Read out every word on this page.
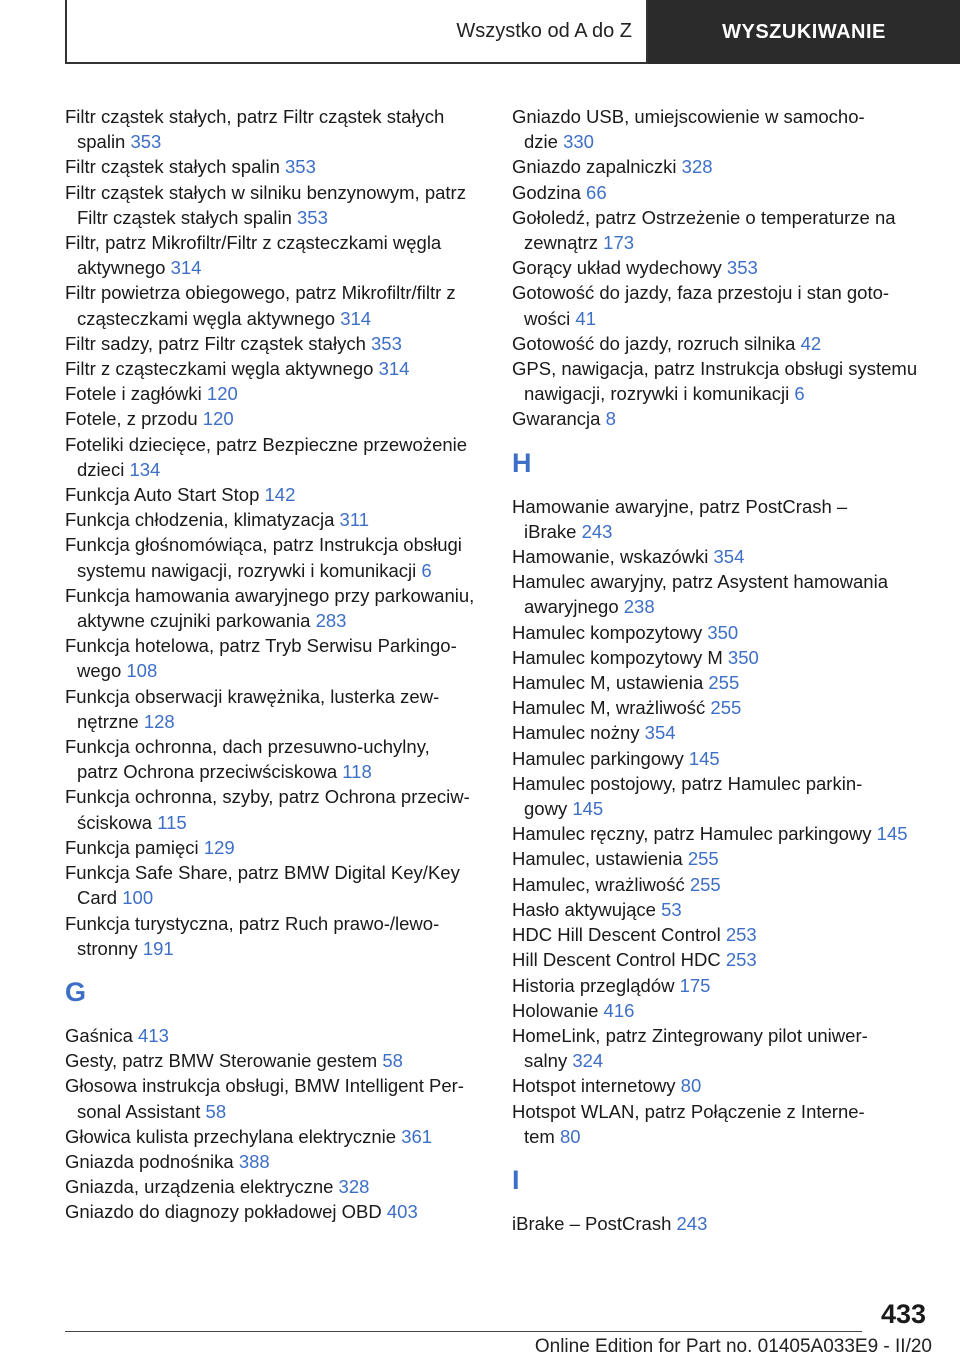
Wszystko od A do Z	WYSZUKIWANIE
Filtr cząstek stałych, patrz Filtr cząstek stałych
spalin 353
Filtr cząstek stałych spalin 353
Filtr cząstek stałych w silniku benzynowym, patrz
Filtr cząstek stałych spalin 353
Filtr, patrz Mikrofiltr/Filtr z cząsteczkami węgla
aktywnego 314
Filtr powietrza obiegowego, patrz Mikrofiltr/filtr z
cząsteczkami węgla aktywnego 314
Filtr sadzy, patrz Filtr cząstek stałych 353
Filtr z cząsteczkami węgla aktywnego 314
Fotele i zagłówki 120
Fotele, z przodu 120
Foteliki dziecięce, patrz Bezpieczne przewożenie
dzieci 134
Funkcja Auto Start Stop 142
Funkcja chłodzenia, klimatyzacja 311
Funkcja głośnomówiąca, patrz Instrukcja obsługi
systemu nawigacji, rozrywki i komunikacji 6
Funkcja hamowania awaryjnego przy parkowaniu,
aktywne czujniki parkowania 283
Funkcja hotelowa, patrz Tryb Serwisu Parkingo-
wego 108
Funkcja obserwacji krawężnika, lusterka zew-
nętrzne 128
Funkcja ochronna, dach przesuwno-uchylny,
patrz Ochrona przeciwściskowa 118
Funkcja ochronna, szyby, patrz Ochrona przeciw-
ściskowa 115
Funkcja pamięci 129
Funkcja Safe Share, patrz BMW Digital Key/Key
Card 100
Funkcja turystyczna, patrz Ruch prawo-/lewo-
stronny 191
G
Gaśnica 413
Gesty, patrz BMW Sterowanie gestem 58
Głosowa instrukcja obsługi, BMW Intelligent Per-
sonal Assistant 58
Głowica kulista przechylana elektrycznie 361
Gniazda podnośnika 388
Gniazda, urządzenia elektryczne 328
Gniazdo do diagnozy pokładowej OBD 403
Gniazdo USB, umiejscowienie w samocho-
dzie 330
Gniazdo zapalniczki 328
Godzina 66
Gołoledź, patrz Ostrzeżenie o temperaturze na
zewnątrz 173
Gorący układ wydechowy 353
Gotowość do jazdy, faza przestoju i stan goto-
wości 41
Gotowość do jazdy, rozruch silnika 42
GPS, nawigacja, patrz Instrukcja obsługi systemu
nawigacji, rozrywki i komunikacji 6
Gwarancja 8
H
Hamowanie awaryjne, patrz PostCrash –
iBrake 243
Hamowanie, wskazówki 354
Hamulec awaryjny, patrz Asystent hamowania
awaryjnego 238
Hamulec kompozytowy 350
Hamulec kompozytowy M 350
Hamulec M, ustawienia 255
Hamulec M, wrażliwość 255
Hamulec nożny 354
Hamulec parkingowy 145
Hamulec postojowy, patrz Hamulec parkin-
gowy 145
Hamulec ręczny, patrz Hamulec parkingowy 145
Hamulec, ustawienia 255
Hamulec, wrażliwość 255
Hasło aktywujące 53
HDC Hill Descent Control 253
Hill Descent Control HDC 253
Historia przeglądów 175
Holowanie 416
HomeLink, patrz Zintegrowany pilot uniwer-
salny 324
Hotspot internetowy 80
Hotspot WLAN, patrz Połączenie z Interne-
tem 80
I
iBrake – PostCrash 243
433
Online Edition for Part no. 01405A033E9 - II/20
